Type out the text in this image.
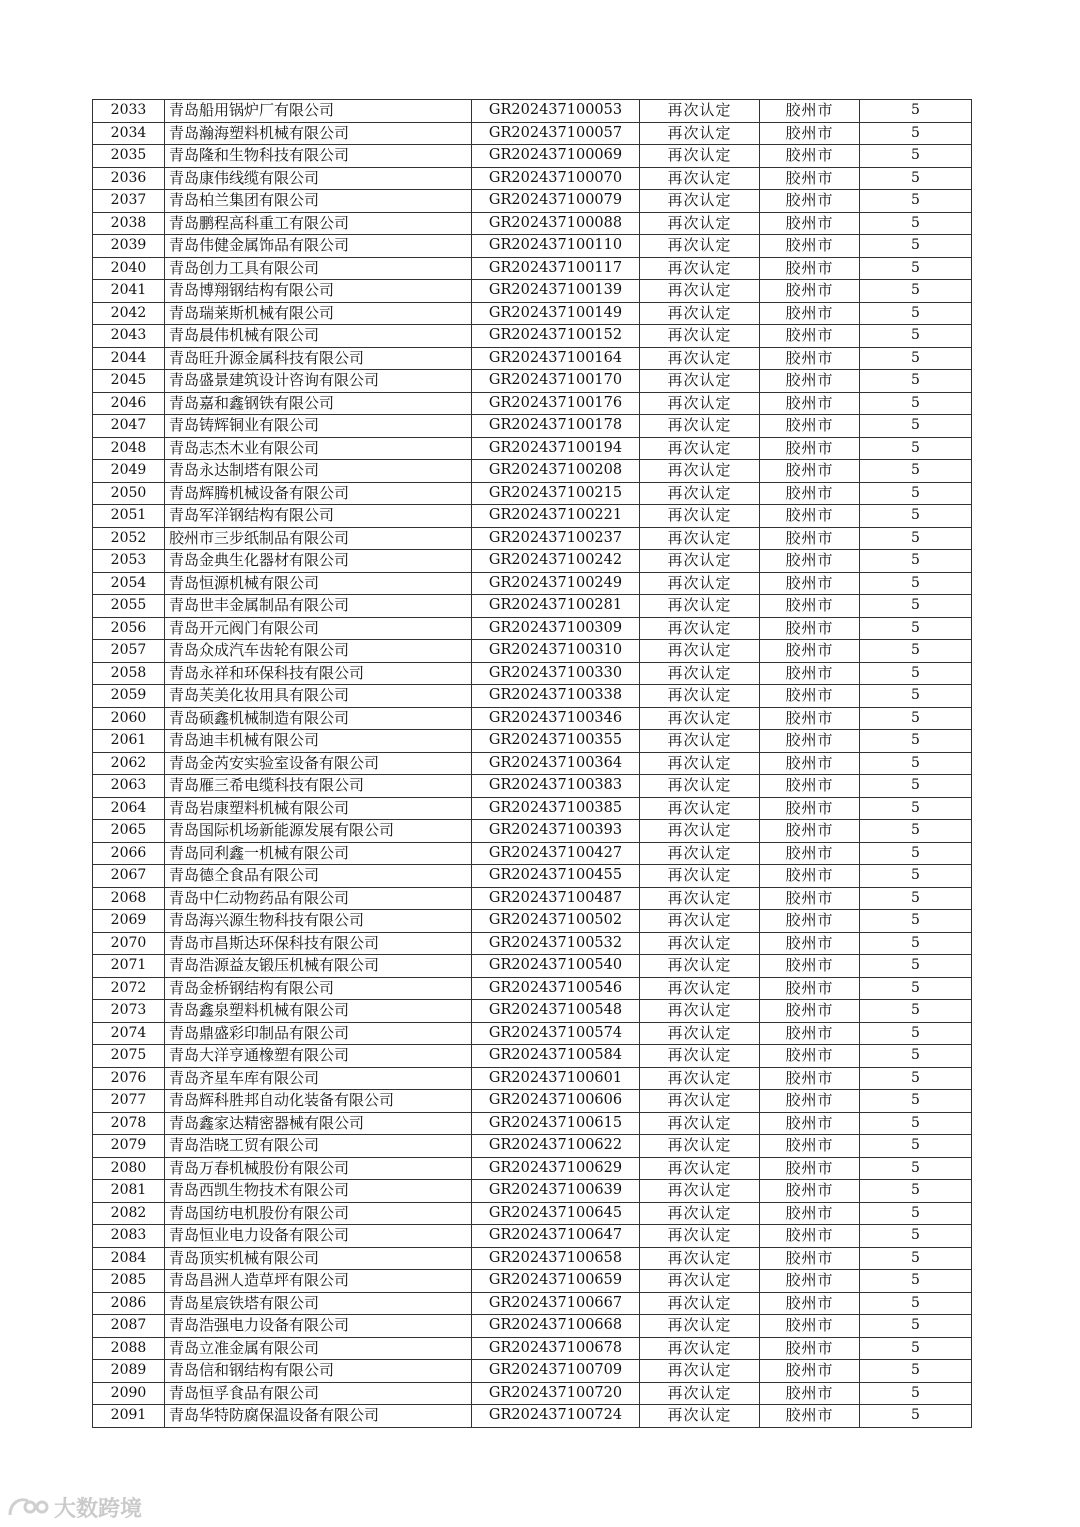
2033	青岛船用锅炉厂有限公司	GR202437100053	再次认定	胶州市	5
2034	青岛瀚海塑料机械有限公司	GR202437100057	再次认定	胶州市	5
2035	青岛隆和生物科技有限公司	GR202437100069	再次认定	胶州市	5
2036	青岛康伟线缆有限公司	GR202437100070	再次认定	胶州市	5
2037	青岛柏兰集团有限公司	GR202437100079	再次认定	胶州市	5
2038	青岛鹏程高科重工有限公司	GR202437100088	再次认定	胶州市	5
2039	青岛伟健金属饰品有限公司	GR202437100110	再次认定	胶州市	5
2040	青岛创力工具有限公司	GR202437100117	再次认定	胶州市	5
2041	青岛博翔钢结构有限公司	GR202437100139	再次认定	胶州市	5
2042	青岛瑞莱斯机械有限公司	GR202437100149	再次认定	胶州市	5
2043	青岛晨伟机械有限公司	GR202437100152	再次认定	胶州市	5
2044	青岛旺升源金属科技有限公司	GR202437100164	再次认定	胶州市	5
2045	青岛盛景建筑设计咨询有限公司	GR202437100170	再次认定	胶州市	5
2046	青岛嘉和鑫钢铁有限公司	GR202437100176	再次认定	胶州市	5
2047	青岛铸辉铜业有限公司	GR202437100178	再次认定	胶州市	5
2048	青岛志杰木业有限公司	GR202437100194	再次认定	胶州市	5
2049	青岛永达制塔有限公司	GR202437100208	再次认定	胶州市	5
2050	青岛辉腾机械设备有限公司	GR202437100215	再次认定	胶州市	5
2051	青岛军洋钢结构有限公司	GR202437100221	再次认定	胶州市	5
2052	胶州市三步纸制品有限公司	GR202437100237	再次认定	胶州市	5
2053	青岛金典生化器材有限公司	GR202437100242	再次认定	胶州市	5
2054	青岛恒源机械有限公司	GR202437100249	再次认定	胶州市	5
2055	青岛世丰金属制品有限公司	GR202437100281	再次认定	胶州市	5
2056	青岛开元阀门有限公司	GR202437100309	再次认定	胶州市	5
2057	青岛众成汽车齿轮有限公司	GR202437100310	再次认定	胶州市	5
2058	青岛永祥和环保科技有限公司	GR202437100330	再次认定	胶州市	5
2059	青岛芙美化妆用具有限公司	GR202437100338	再次认定	胶州市	5
2060	青岛硕鑫机械制造有限公司	GR202437100346	再次认定	胶州市	5
2061	青岛迪丰机械有限公司	GR202437100355	再次认定	胶州市	5
2062	青岛金芮安实验室设备有限公司	GR202437100364	再次认定	胶州市	5
2063	青岛雁三希电缆科技有限公司	GR202437100383	再次认定	胶州市	5
2064	青岛岩康塑料机械有限公司	GR202437100385	再次认定	胶州市	5
2065	青岛国际机场新能源发展有限公司	GR202437100393	再次认定	胶州市	5
2066	青岛同利鑫一机械有限公司	GR202437100427	再次认定	胶州市	5
2067	青岛德仝食品有限公司	GR202437100455	再次认定	胶州市	5
2068	青岛中仁动物药品有限公司	GR202437100487	再次认定	胶州市	5
2069	青岛海兴源生物科技有限公司	GR202437100502	再次认定	胶州市	5
2070	青岛市昌斯达环保科技有限公司	GR202437100532	再次认定	胶州市	5
2071	青岛浩源益友锻压机械有限公司	GR202437100540	再次认定	胶州市	5
2072	青岛金桥钢结构有限公司	GR202437100546	再次认定	胶州市	5
2073	青岛鑫泉塑料机械有限公司	GR202437100548	再次认定	胶州市	5
2074	青岛鼎盛彩印制品有限公司	GR202437100574	再次认定	胶州市	5
2075	青岛大洋亨通橡塑有限公司	GR202437100584	再次认定	胶州市	5
2076	青岛齐星车库有限公司	GR202437100601	再次认定	胶州市	5
2077	青岛辉科胜邦自动化装备有限公司	GR202437100606	再次认定	胶州市	5
2078	青岛鑫家达精密器械有限公司	GR202437100615	再次认定	胶州市	5
2079	青岛浩晓工贸有限公司	GR202437100622	再次认定	胶州市	5
2080	青岛万春机械股份有限公司	GR202437100629	再次认定	胶州市	5
2081	青岛西凯生物技术有限公司	GR202437100639	再次认定	胶州市	5
2082	青岛国纺电机股份有限公司	GR202437100645	再次认定	胶州市	5
2083	青岛恒业电力设备有限公司	GR202437100647	再次认定	胶州市	5
2084	青岛顶实机械有限公司	GR202437100658	再次认定	胶州市	5
2085	青岛昌洲人造草坪有限公司	GR202437100659	再次认定	胶州市	5
2086	青岛星宸铁塔有限公司	GR202437100667	再次认定	胶州市	5
2087	青岛浩强电力设备有限公司	GR202437100668	再次认定	胶州市	5
2088	青岛立准金属有限公司	GR202437100678	再次认定	胶州市	5
2089	青岛信和钢结构有限公司	GR202437100709	再次认定	胶州市	5
2090	青岛恒孚食品有限公司	GR202437100720	再次认定	胶州市	5
2091	青岛华特防腐保温设备有限公司	GR202437100724	再次认定	胶州市	5
大数跨境
